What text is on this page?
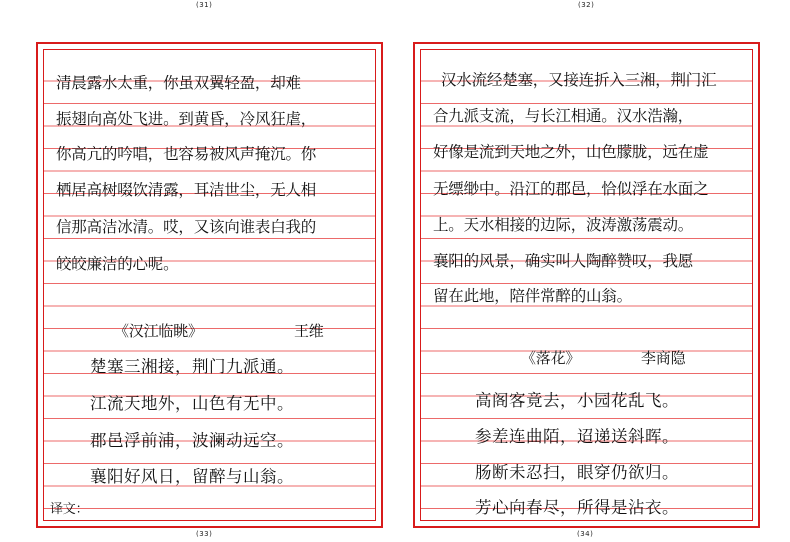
(31)	(32)
(33)	(34)
清晨露水太重，你虽双翼轻盈，却难
振翅向高处飞进。到黄昏，冷风狂虐，
你高亢的吟唱，也容易被风声掩沉。你
栖居高树啜饮清露，耳洁世尘，无人相
信那高洁冰清。哎，又该向谁表白我的
皎皎廉洁的心呢。
《汉江临眺》	王维
楚塞三湘接，荆门九派通。
江流天地外，山色有无中。
郡邑浮前浦，波澜动远空。
襄阳好风日，留醉与山翁。
译文：
汉水流经楚塞，又接连折入三湘，荆门汇
合九派支流，与长江相通。汉水浩瀚，
好像是流到天地之外，山色朦胧，远在虚
无缥缈中。沿江的郡邑，恰似浮在水面之
上。天水相接的边际，波涛激荡震动。
襄阳的风景，确实叫人陶醉赞叹，我愿
留在此地，陪伴常醉的山翁。
《落花》	李商隐
高阁客竟去，小园花乱飞。
参差连曲陌，迢递送斜晖。
肠断未忍扫，眼穿仍欲归。
芳心向春尽，所得是沾衣。
